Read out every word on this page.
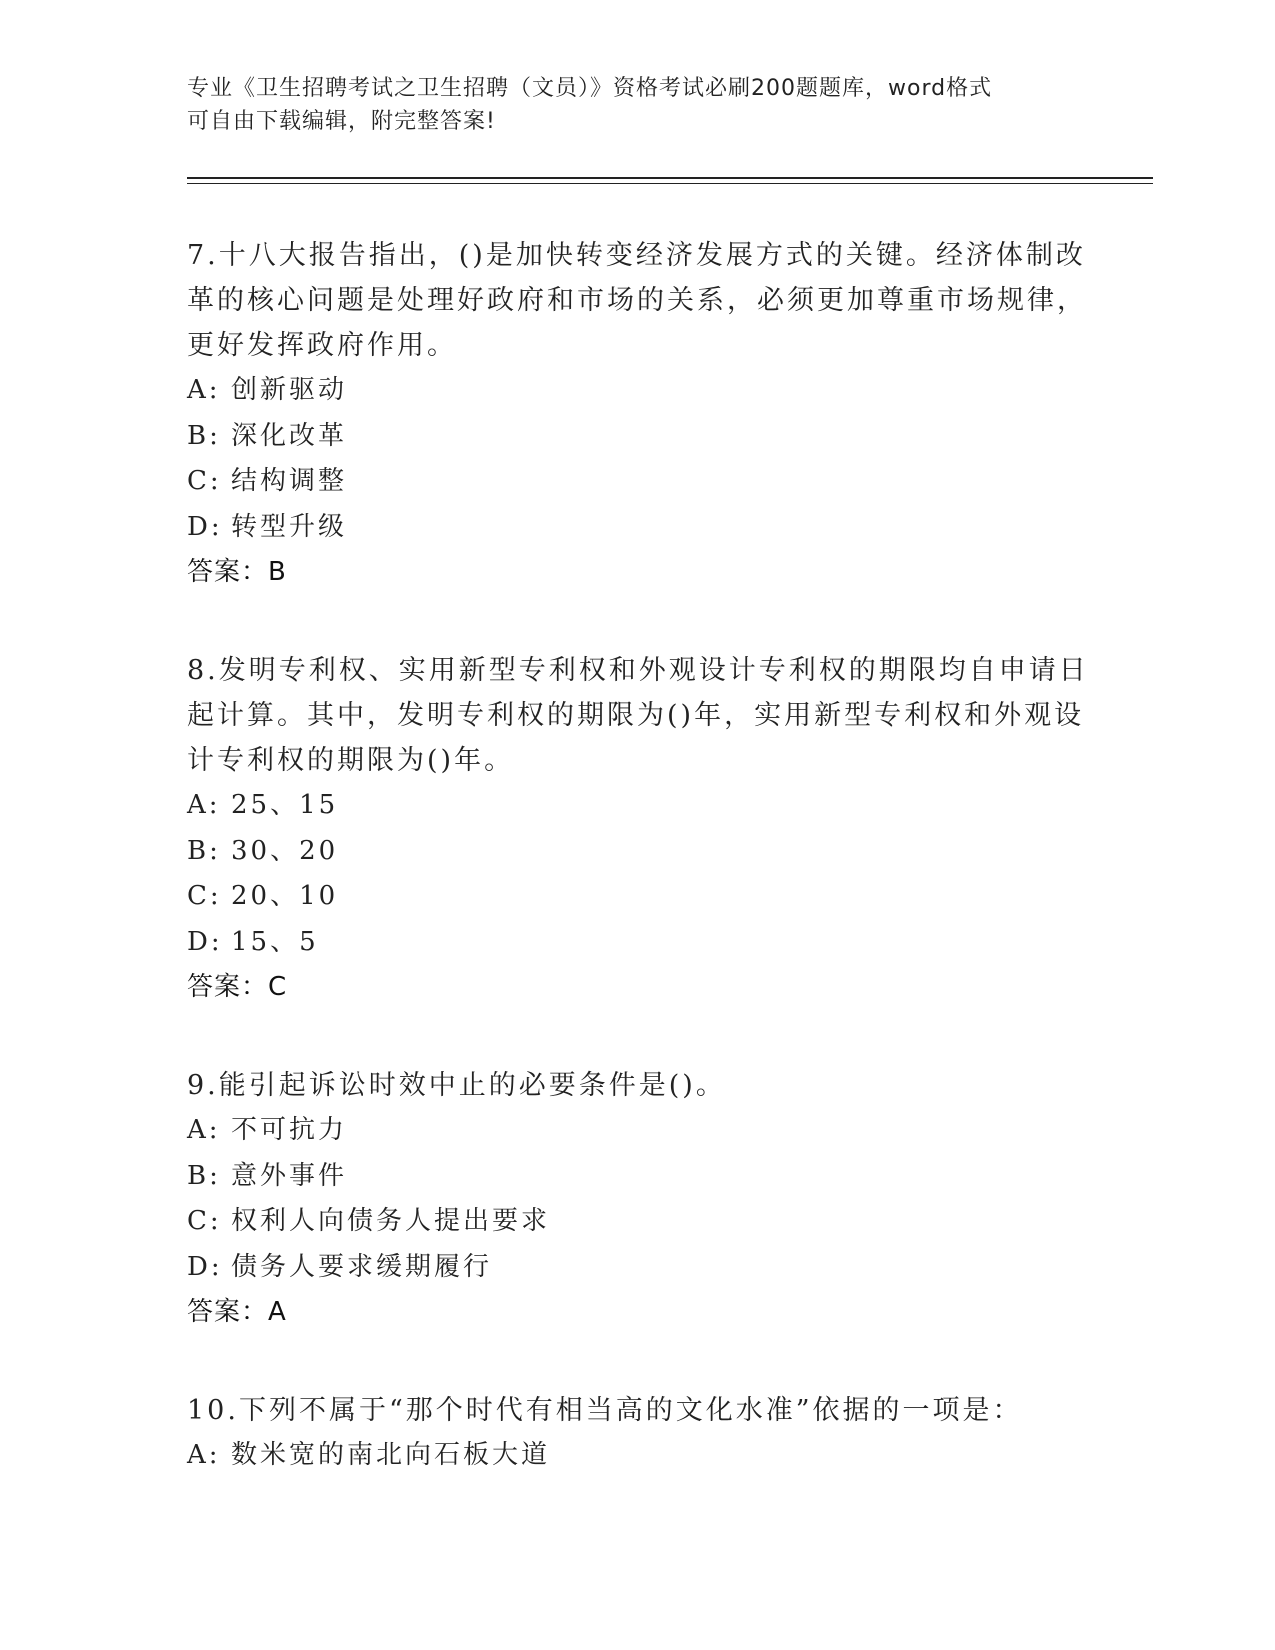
专业《卫生招聘考试之卫生招聘（文员）》资格考试必刷200题题库，word格式
可自由下载编辑，附完整答案!
7.十八大报告指出，()是加快转变经济发展方式的关键。经济体制改
革的核心问题是处理好政府和市场的关系，必须更加尊重市场规律，
更好发挥政府作用。
A: 创新驱动
B: 深化改革
C: 结构调整
D: 转型升级
答案：B
8.发明专利权、实用新型专利权和外观设计专利权的期限均自申请日
起计算。其中，发明专利权的期限为()年，实用新型专利权和外观设
计专利权的期限为()年。
A: 25、15
B: 30、20
C: 20、10
D: 15、5
答案：C
9.能引起诉讼时效中止的必要条件是()。
A: 不可抗力
B: 意外事件
C: 权利人向债务人提出要求
D: 债务人要求缓期履行
答案：A
10.下列不属于“那个时代有相当高的文化水准”依据的一项是：
A: 数米宽的南北向石板大道
